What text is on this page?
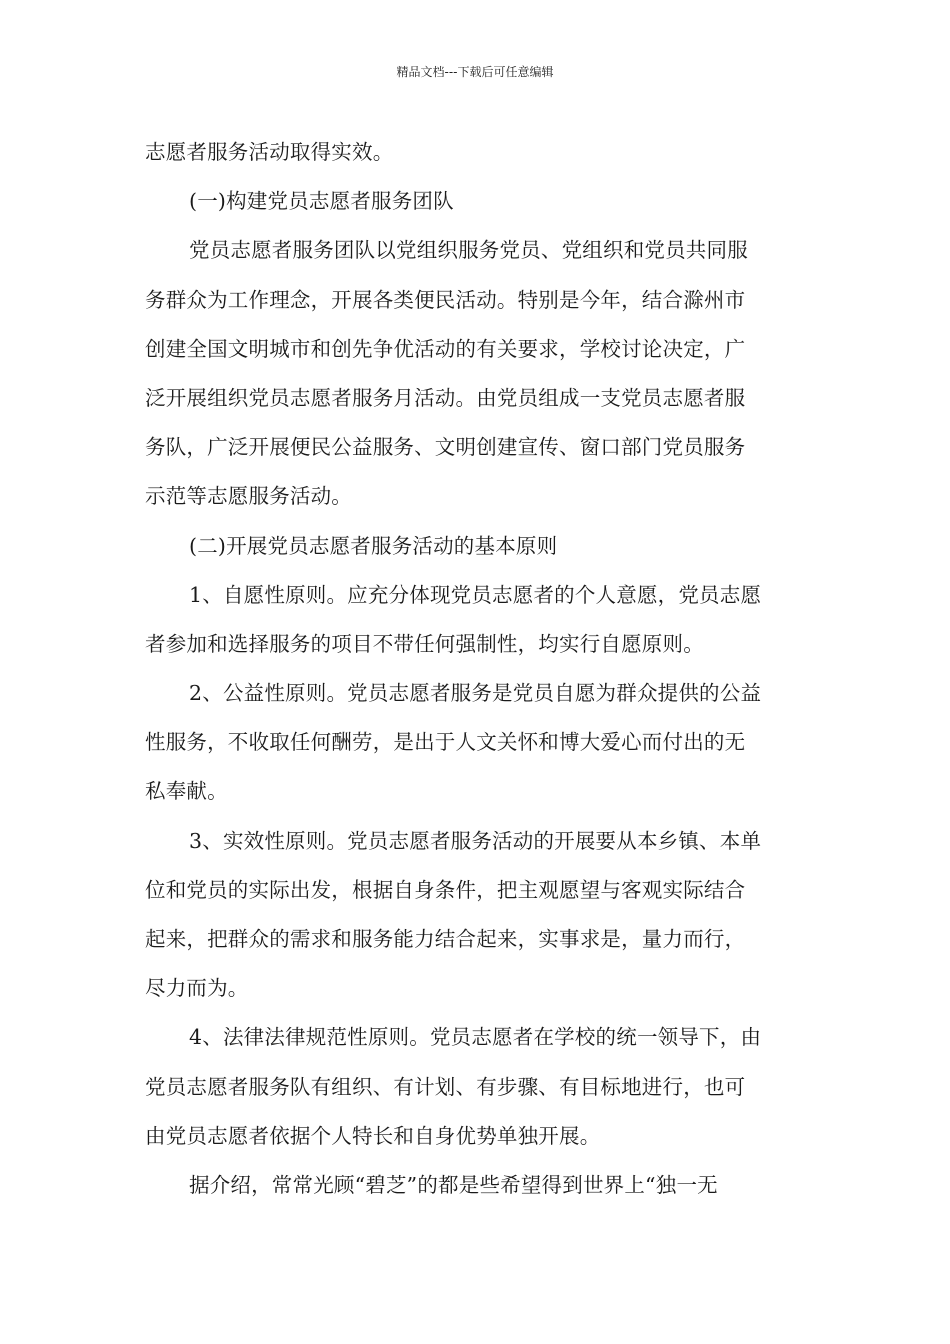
精品文档---下载后可任意编辑
志愿者服务活动取得实效。
(一)构建党员志愿者服务团队
党员志愿者服务团队以党组织服务党员、党组织和党员共同服
务群众为工作理念，开展各类便民活动。特别是今年，结合滁州市
创建全国文明城市和创先争优活动的有关要求，学校讨论决定，广
泛开展组织党员志愿者服务月活动。由党员组成一支党员志愿者服
务队，广泛开展便民公益服务、文明创建宣传、窗口部门党员服务
示范等志愿服务活动。
(二)开展党员志愿者服务活动的基本原则
1、自愿性原则。应充分体现党员志愿者的个人意愿，党员志愿
者参加和选择服务的项目不带任何强制性，均实行自愿原则。
2、公益性原则。党员志愿者服务是党员自愿为群众提供的公益
性服务，不收取任何酬劳，是出于人文关怀和博大爱心而付出的无
私奉献。
3、实效性原则。党员志愿者服务活动的开展要从本乡镇、本单
位和党员的实际出发，根据自身条件，把主观愿望与客观实际结合
起来，把群众的需求和服务能力结合起来，实事求是，量力而行，
尽力而为。
4、法律法律规范性原则。党员志愿者在学校的统一领导下，由
党员志愿者服务队有组织、有计划、有步骤、有目标地进行，也可
由党员志愿者依据个人特长和自身优势单独开展。
据介绍，常常光顾“碧芝”的都是些希望得到世界上“独一无
